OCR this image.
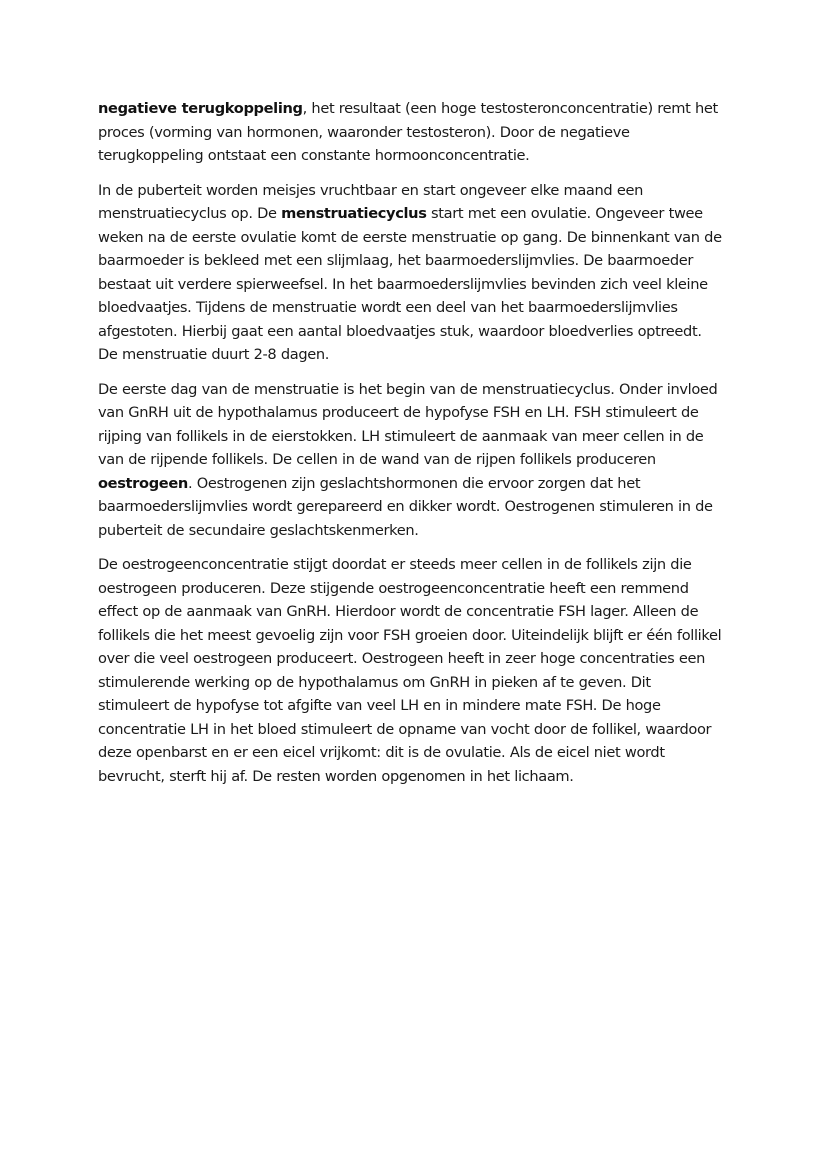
negatieve terugkoppeling, het resultaat (een hoge testosteronconcentratie) remt het
proces (vorming van hormonen, waaronder testosteron). Door de negatieve
terugkoppeling ontstaat een constante hormoonconcentratie.

In de puberteit worden meisjes vruchtbaar en start ongeveer elke maand een
menstruatiecyclus op. De menstruatiecyclus start met een ovulatie. Ongeveer twee
weken na de eerste ovulatie komt de eerste menstruatie op gang. De binnenkant van de
baarmoeder is bekleed met een slijmlaag, het baarmoederslijmvlies. De baarmoeder
bestaat uit verdere spierweefsel. In het baarmoederslijmvlies bevinden zich veel kleine
bloedvaatjes. Tijdens de menstruatie wordt een deel van het baarmoederslijmvlies
afgestoten. Hierbij gaat een aantal bloedvaatjes stuk, waardoor bloedverlies optreedt.
De menstruatie duurt 2-8 dagen.

De eerste dag van de menstruatie is het begin van de menstruatiecyclus. Onder invloed
van GnRH uit de hypothalamus produceert de hypofyse FSH en LH. FSH stimuleert de
rijping van follikels in de eierstokken. LH stimuleert de aanmaak van meer cellen in de
van de rijpende follikels. De cellen in de wand van de rijpen follikels produceren
oestrogeen. Oestrogenen zijn geslachtshormonen die ervoor zorgen dat het
baarmoederslijmvlies wordt gerepareerd en dikker wordt. Oestrogenen stimuleren in de
puberteit de secundaire geslachtskenmerken.

De oestrogeenconcentratie stijgt doordat er steeds meer cellen in de follikels zijn die
oestrogeen produceren. Deze stijgende oestrogeenconcentratie heeft een remmend
effect op de aanmaak van GnRH. Hierdoor wordt de concentratie FSH lager. Alleen de
follikels die het meest gevoelig zijn voor FSH groeien door. Uiteindelijk blijft er één follikel
over die veel oestrogeen produceert. Oestrogeen heeft in zeer hoge concentraties een
stimulerende werking op de hypothalamus om GnRH in pieken af te geven. Dit
stimuleert de hypofyse tot afgifte van veel LH en in mindere mate FSH. De hoge
concentratie LH in het bloed stimuleert de opname van vocht door de follikel, waardoor
deze openbarst en er een eicel vrijkomt: dit is de ovulatie. Als de eicel niet wordt
bevrucht, sterft hij af. De resten worden opgenomen in het lichaam.
